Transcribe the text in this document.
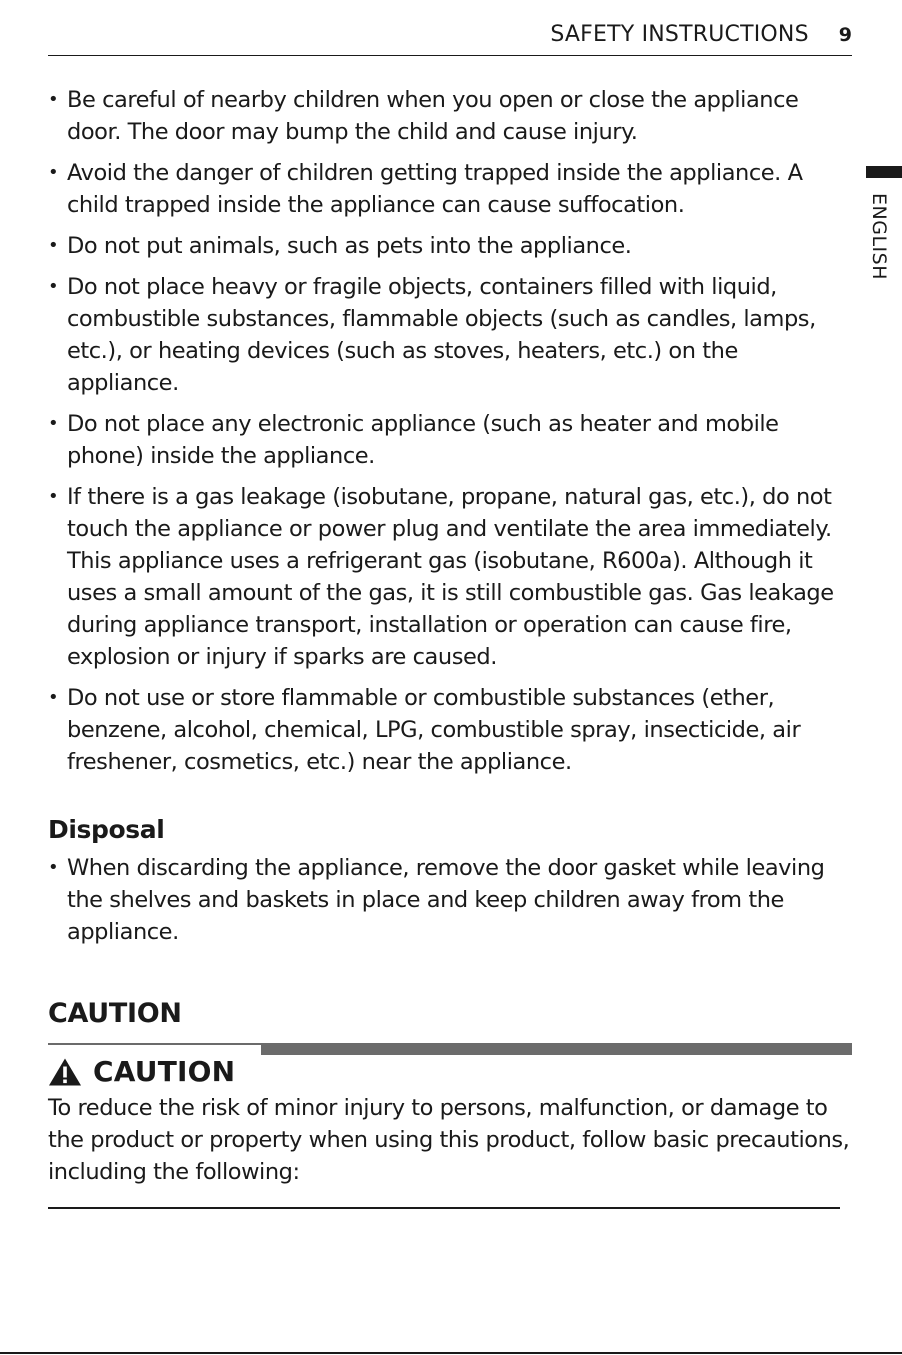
SAFETY INSTRUCTIONS 9
ENGLISH
• Be careful of nearby children when you open or close the appliance door. The door may bump the child and cause injury.
• Avoid the danger of children getting trapped inside the appliance. A child trapped inside the appliance can cause suffocation.
• Do not put animals, such as pets into the appliance.
• Do not place heavy or fragile objects, containers filled with liquid, combustible substances, flammable objects (such as candles, lamps, etc.), or heating devices (such as stoves, heaters, etc.) on the appliance.
• Do not place any electronic appliance (such as heater and mobile phone) inside the appliance.
• If there is a gas leakage (isobutane, propane, natural gas, etc.), do not touch the appliance or power plug and ventilate the area immediately. This appliance uses a refrigerant gas (isobutane, R600a). Although it uses a small amount of the gas, it is still combustible gas. Gas leakage during appliance transport, installation or operation can cause fire, explosion or injury if sparks are caused.
• Do not use or store flammable or combustible substances (ether, benzene, alcohol, chemical, LPG, combustible spray, insecticide, air freshener, cosmetics, etc.) near the appliance.
Disposal
• When discarding the appliance, remove the door gasket while leaving the shelves and baskets in place and keep children away from the appliance.
CAUTION
CAUTION
To reduce the risk of minor injury to persons, malfunction, or damage to the product or property when using this product, follow basic precautions, including the following:
